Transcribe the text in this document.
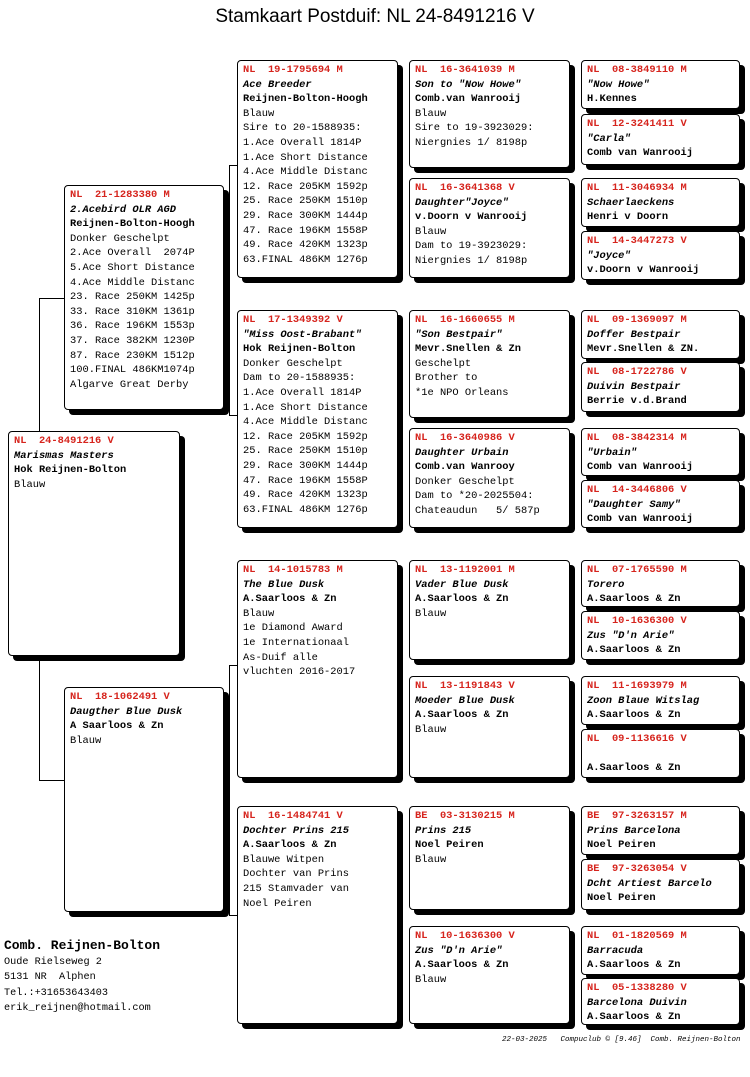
Stamkaart Postduif: NL 24-8491216 V
NL  24-8491216 V
Marismas Masters
Hok Reijnen-Bolton
Blauw
NL  21-1283380 M
2.Acebird OLR AGD
Reijnen-Bolton-Hoogh
Donker Geschelpt
2.Ace Overall  2074P
5.Ace Short Distance
4.Ace Middle Distanc
23. Race 250KM 1425p
33. Race 310KM 1361p
36. Race 196KM 1553p
37. Race 382KM 1230P
87. Race 230KM 1512p
100.FINAL 486KM1074p
Algarve Great Derby
NL  18-1062491 V
Daugther Blue Dusk
A Saarloos & Zn
Blauw
NL  19-1795694 M
Ace Breeder
Reijnen-Bolton-Hoogh
Blauw
Sire to 20-1588935:
1.Ace Overall 1814P
1.Ace Short Distance
4.Ace Middle Distanc
12. Race 205KM 1592p
25. Race 250KM 1510p
29. Race 300KM 1444p
47. Race 196KM 1558P
49. Race 420KM 1323p
63.FINAL 486KM 1276p
NL  17-1349392 V
"Miss Oost-Brabant"
Hok Reijnen-Bolton
Donker Geschelpt
Dam to 20-1588935:
1.Ace Overall 1814P
1.Ace Short Distance
4.Ace Middle Distanc
12. Race 205KM 1592p
25. Race 250KM 1510p
29. Race 300KM 1444p
47. Race 196KM 1558P
49. Race 420KM 1323p
63.FINAL 486KM 1276p
NL  14-1015783 M
The Blue Dusk
A.Saarloos & Zn
Blauw
1e Diamond Award
1e Internationaal
As-Duif alle
vluchten 2016-2017
NL  16-1484741 V
Dochter Prins 215
A.Saarloos & Zn
Blauwe Witpen
Dochter van Prins
215 Stamvader van
Noel Peiren
NL  16-3641039 M
Son to "Now Howe"
Comb.van Wanrooij
Blauw
Sire to 19-3923029:
Niergnies 1/ 8198p
NL  16-3641368 V
Daughter"Joyce"
v.Doorn v Wanrooij
Blauw
Dam to 19-3923029:
Niergnies 1/ 8198p
NL  16-1660655 M
"Son Bestpair"
Mevr.Snellen & Zn
Geschelpt
Brother to
*1e NPO Orleans
NL  16-3640986 V
Daughter Urbain
Comb.van Wanrooy
Donker Geschelpt
Dam to *20-2025504:
Chateaudun   5/ 587p
NL  13-1192001 M
Vader Blue Dusk
A.Saarloos & Zn
Blauw
NL  13-1191843 V
Moeder Blue Dusk
A.Saarloos & Zn
Blauw
BE  03-3130215 M
Prins 215
Noel Peiren
Blauw
NL  10-1636300 V
Zus "D'n Arie"
A.Saarloos & Zn
Blauw
NL  08-3849110 M
"Now Howe"
H.Kennes
NL  12-3241411 V
"Carla"
Comb van Wanrooij
NL  11-3046934 M
Schaerlaeckens
Henri v Doorn
NL  14-3447273 V
"Joyce"
v.Doorn v Wanrooij
NL  09-1369097 M
Doffer Bestpair
Mevr.Snellen & ZN.
NL  08-1722786 V
Duivin Bestpair
Berrie v.d.Brand
NL  08-3842314 M
"Urbain"
Comb van Wanrooij
NL  14-3446806 V
"Daughter Samy"
Comb van Wanrooij
NL  07-1765590 M
Torero
A.Saarloos & Zn
NL  10-1636300 V
Zus "D'n Arie"
A.Saarloos & Zn
NL  11-1693979 M
Zoon Blaue Witslag
A.Saarloos & Zn
NL  09-1136616 V
A.Saarloos & Zn
BE  97-3263157 M
Prins Barcelona
Noel Peiren
BE  97-3263054 V
Dcht Artiest Barcelo
Noel Peiren
NL  01-1820569 M
Barracuda
A.Saarloos & Zn
NL  05-1338280 V
Barcelona Duivin
A.Saarloos & Zn
Comb. Reijnen-Bolton
Oude Rielseweg 2
5131 NR  Alphen
Tel.:+31653643403
erik_reijnen@hotmail.com
22-03-2025   Compuclub © [9.46]  Comb. Reijnen-Bolton
